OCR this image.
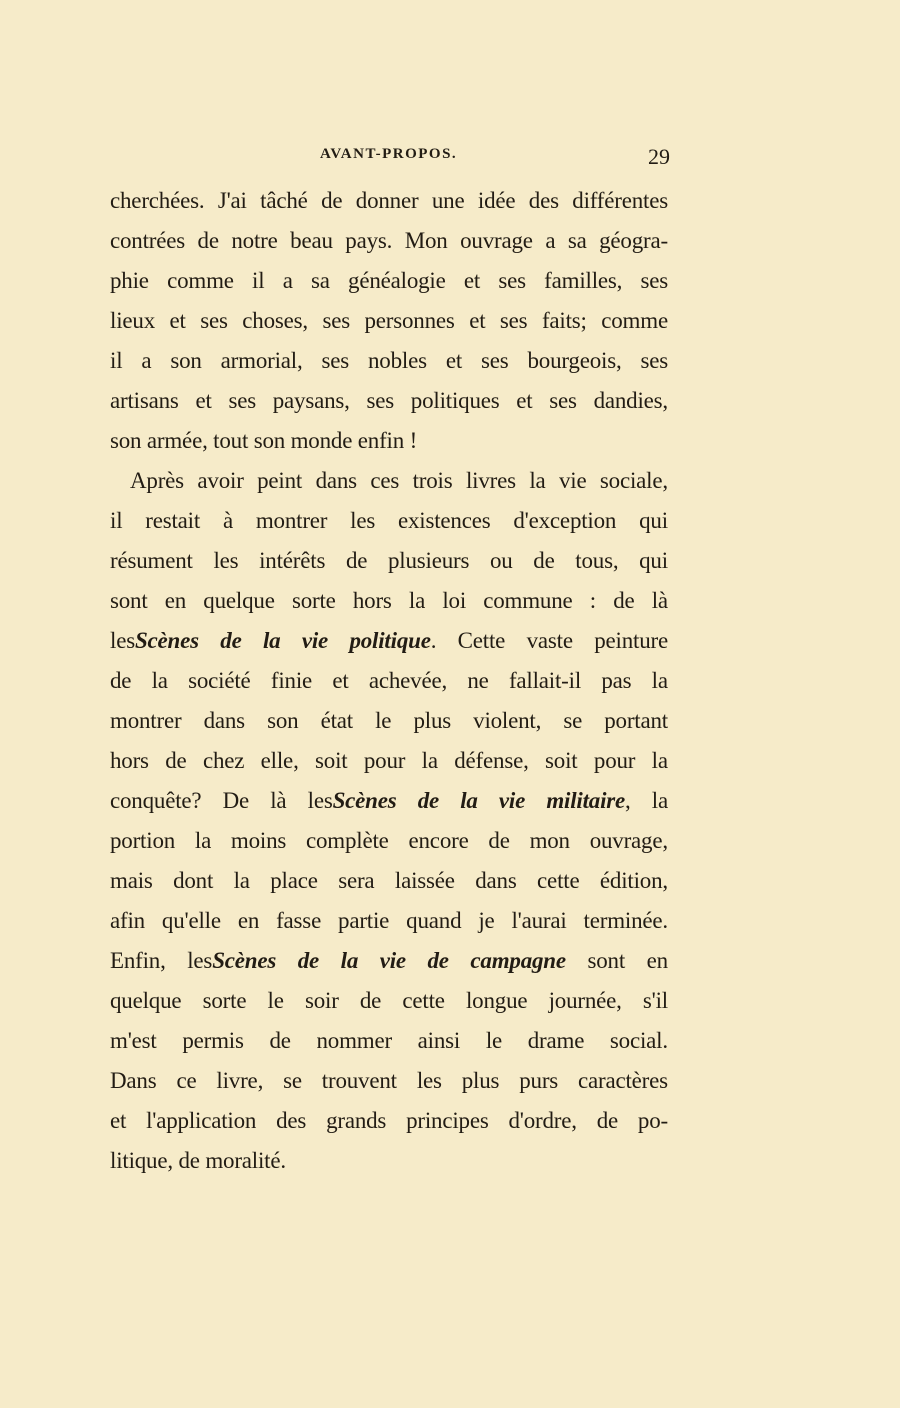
AVANT-PROPOS.	29
cherchées. J'ai tâché de donner une idée des différentes
contrées de notre beau pays. Mon ouvrage a sa géogra-
phie comme il a sa généalogie et ses familles, ses
lieux et ses choses, ses personnes et ses faits; comme
il a son armorial, ses nobles et ses bourgeois, ses
artisans et ses paysans, ses politiques et ses dandies,
son armée, tout son monde enfin !
Après avoir peint dans ces trois livres la vie sociale,
il restait à montrer les existences d'exception qui
résument les intérêts de plusieurs ou de tous, qui
sont en quelque sorte hors la loi commune : de là
lesScènes de la vie politique. Cette vaste peinture
de la société finie et achevée, ne fallait-il pas la
montrer dans son état le plus violent, se portant
hors de chez elle, soit pour la défense, soit pour la
conquête? De là lesScènes de la vie militaire, la
portion la moins complète encore de mon ouvrage,
mais dont la place sera laissée dans cette édition,
afin qu'elle en fasse partie quand je l'aurai terminée.
Enfin, lesScènes de la vie de campagne sont en
quelque sorte le soir de cette longue journée, s'il
m'est permis de nommer ainsi le drame social.
Dans ce livre, se trouvent les plus purs caractères
et l'application des grands principes d'ordre, de po-
litique, de moralité.
